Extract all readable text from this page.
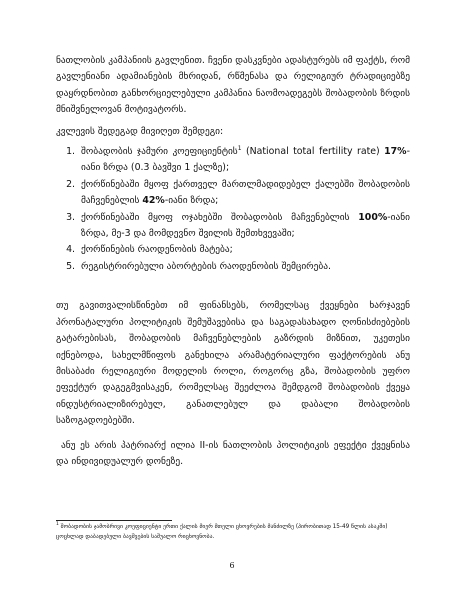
ნათლობის კამპანიის გავლენით. ჩვენი დასკვნები ადასტურებს იმ ფაქტს, რომ გავლენიანი ადამიანების მხრიდან, რწმენასა და რელიგიურ ტრადიციებზე დაყრდნობით განხორციელებული კამპანია ნაომოადეგებს შობადობის ზრდის მნიშვნელოვან მოტივატორს.

კვლევის შედეგად მივიღეთ შემდეგი:

1. შობადობის ჯამური კოეფიციენტის$^1$ (National total fertility rate) 17%-იანი ზრდა (0.3 ბავშვი 1 ქალზე);
2. ქორწინებაში მყოფ ქართველ მართლმადიდებელ ქალებში შობადობის მაჩვენებლის 42%-იანი ზრდა;
3. ქორწინებაში მყოფ ოჯახებში შობადობის მაჩვენებლის 100%-იანი ზრდა, მე-3 და მომდევნო შვილის შემთხვევაში;
4. ქორწინების რაოდენობის მატება;
5. რეგისტრირებული აბორტების რაოდენობის შემცირება.

თუ გავითვალისწინებთ იმ ფინანსებს, რომელსაც ქვეყნები ხარჯავენ პრონატალური პოლიტიკის შემუშავებისა და საგადასახადო ღონისძიებების გატარებისას, შობადობის მაჩვენებლების გაზრდის მიზნით, უკეთესი იქნებოდა, სახელმწიფოს განეხილა არამატერიალური ფაქტორების ანუ მისაბაძი რელიგიური მოდელის როლი, როგორც გზა, შობადობის უფრო ეფექტურ დაგეგმვისაკენ, რომელსაც შეეძლოა შემდგომ შობადობის ქვეყა ინდუსტრიალიზირებულ, განათლებულ და დაბალი შობადობის საზოგადოებებში.

ანუ ეს არის პატრიარქ ილია II-ის ნათლობის პოლიტიკის ეფექტი ქვეყნისა და ინდივიდუალურ დონეზე.

$^1$ შობადობის ჯამობრივი კოეფიციენტი ერთი ქალის მიერ მთელი ცხოვრების მანძილზე (პირობითად 15-49 წლის ასაკში) ცოცხლად დაბადებული ბავშვების საშუალო რიცხოვნობა.
6
